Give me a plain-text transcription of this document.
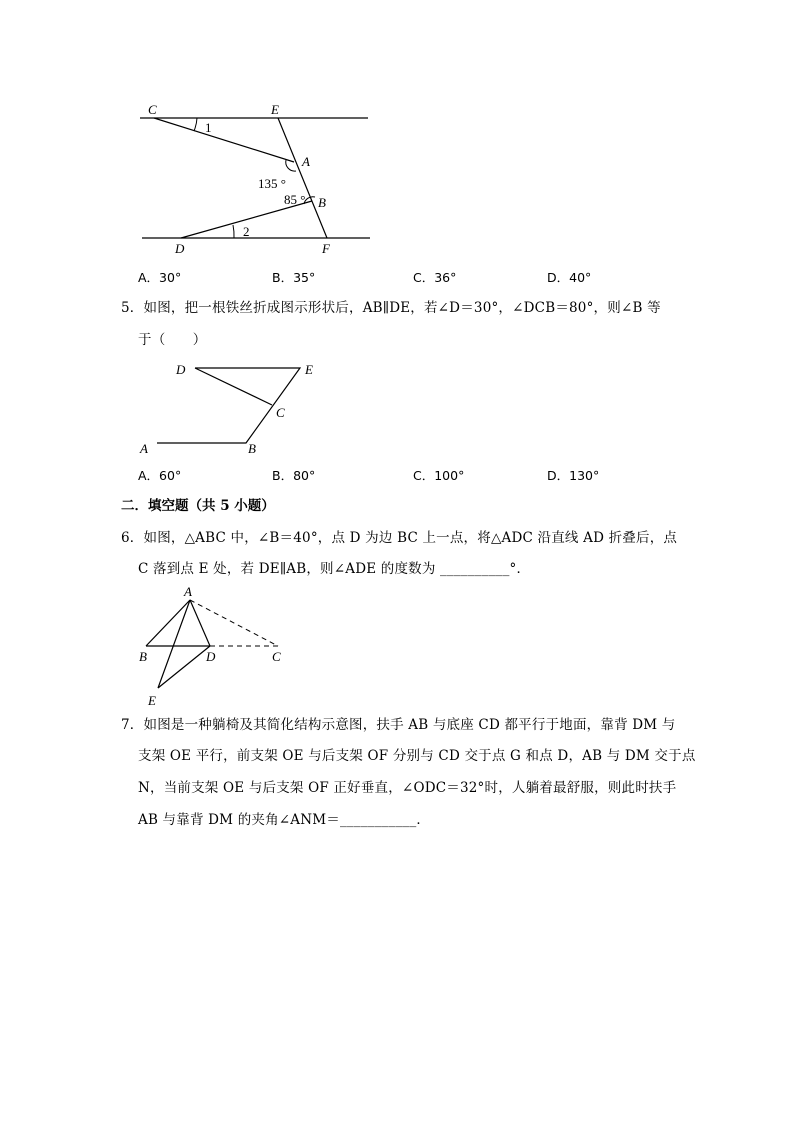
C	E
A
B
D	F
1
2
135 °
85 °
A．30°	B．35°	C．36°	D．40°
5．如图，把一根铁丝折成图示形状后，AB∥DE，若∠D＝30°，∠DCB＝80°，则∠B 等
于（　　）
D	E
C
A	B
A．60°	B．80°	C．100°	D．130°
二．填空题（共 5 小题）
6．如图，△ABC 中，∠B＝40°，点 D 为边 BC 上一点，将△ADC 沿直线 AD 折叠后，点
C 落到点 E 处，若 DE∥AB，则∠ADE 的度数为 __________°．
A
B	D	C
E
7．如图是一种躺椅及其简化结构示意图，扶手 AB 与底座 CD 都平行于地面，靠背 DM 与
支架 OE 平行，前支架 OE 与后支架 OF 分别与 CD 交于点 G 和点 D，AB 与 DM 交于点
N，当前支架 OE 与后支架 OF 正好垂直，∠ODC＝32°时，人躺着最舒服，则此时扶手
AB 与靠背 DM 的夹角∠ANM＝___________．
